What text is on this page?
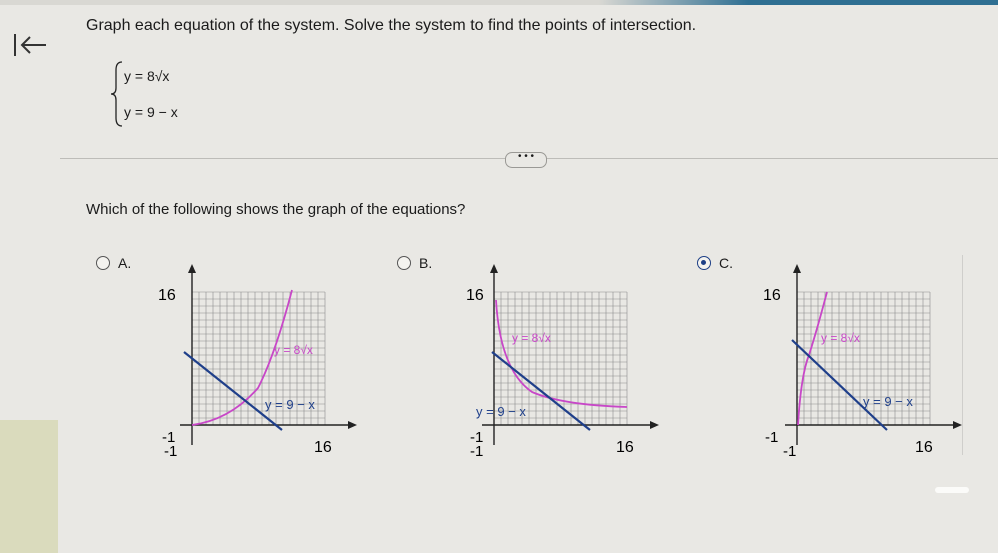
Graph each equation of the system. Solve the system to find the points of intersection.
y = 8√x
y = 9 − x
• • •
Which of the following shows the graph of the equations?
A.	B.	C.
16
-1
-1	16
y = 8√x
y = 9 − x
16
-1
-1	16
y = 8√x
y = 9 − x
16
-1
-1	16
y = 8√x
y = 9 − x
